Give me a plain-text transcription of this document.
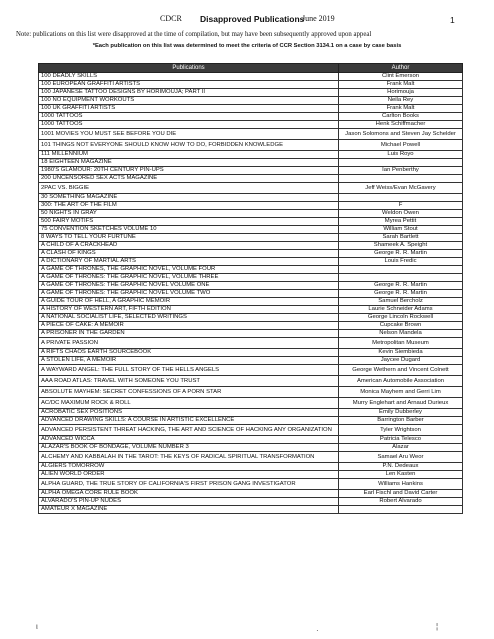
CDCR Disapproved Publications
June 2019	1
Note: publications on this list were disapproved at the time of compilation, but may have been subsequently approved upon appeal
*Each publication on this list was determined to meet the criteria of CCR Section 3134.1 on a case by case basis
Publications	Author
100 DEADLY SKILLS	Clint Emerson
100 EUROPEAN GRAFFITI ARTISTS	Frank Malt
100 JAPANESE TATTOO DESIGNS BY HORIMOUJA; PART II	Horimouja
100 NO EQUIPMENT WORKOUTS	Neila Rey
100 UK GRAFFITI ARTISTS	Frank Malt
1000 TATTOOS	Carlton Books
1000 TATTOOS	Henk Schiffmacher
1001 MOVIES YOU MUST SEE BEFORE YOU DIE	Jason Solomons and Steven Jay Schelder
101 THINGS NOT EVERYONE SHOULD KNOW HOW TO DO, FORBIDDEN KNOWLEDGE	Michael Powell
111 MILLENNIUM	Luis Royo
18 EIGHTEEN MAGAZINE	
1980'S GLAMOUR: 20TH CENTURY PIN-UPS	Ian Penberthy
200 UNCENSORED SEX ACTS MAGAZINE	
2PAC VS. BIGGIE	Jeff Weiss/Evan McGavery
30 SOMETHING MAGAZINE	
300: THE ART OF THE FILM	F
50 NIGHTS IN GRAY	Weldon Owen
500 FAIRY MOTIFS	Myrea Pettit
75 CONVENTION SKETCHES VOLUME 10	William Stout
8 WAYS TO TELL YOUR FURTUNE	Sarah Bartlett
A CHILD OF A CRACKHEAD	Shameek A. Speight
A CLASH OF KINGS	George R. R. Martin
A DICTIONARY OF MARTIAL ARTS	Louis Fredic
A GAME OF THRONES, THE GRAPHIC NOVEL, VOLUME FOUR	
A GAME OF THRONES: THE GRAPHIC NOVEL, VOLUME THREE	
A GAME OF THRONES: THE GRAPHIC NOVEL VOLUME ONE	George R. R. Martin
A GAME OF THRONES: THE GRAPHIC NOVEL VOLUME TWO	George R. R. Martin
A GUIDE TOUR OF HELL, A GRAPHIC MEMOIR	Samuel Bercholz
A HISTORY OF WESTERN ART, FIFTH EDITION	Laurie Schneider Adams
A NATIONAL SOCIALIST LIFE, SELECTED WRITINGS	George Lincoln Rockwell
A PIECE OF CAKE: A MEMOIR	Cupcake Brown
A PRISONER IN THE GARDEN	Nelson Mandela
A PRIVATE PASSION	Metropolitan Museum
A RIFTS CHAOS EARTH SOURCEBOOK	Kevin Siembieda
A STOLEN LIFE, A MEMOIR	Jaycee Dugard
A WAYWARD ANGEL: THE FULL STORY OF THE HELLS ANGELS	George Wethern and Vincent Colnett
AAA ROAD ATLAS: TRAVEL WITH SOMEONE YOU TRUST	American Automobile Association
ABSOLUTE MAYHEM: SECRET CONFESSIONS OF A PORN STAR	Monica Mayhem and Gerri Lim
AC/DC MAXIMUM ROCK & ROLL	Murry Englehart and Arnaud Durieux
ACROBATIC SEX POSITIONS	Emily Dubberley
ADVANCED DRAWING SKILLS: A COURSE IN ARTISTIC EXCELLENCE	Barrington Barber
ADVANCED PERSISTENT THREAT HACKING, THE ART AND SCIENCE OF HACKING ANY ORGANIZATION	Tyler Wrightson
ADVANCED WICCA	Patricia Telesco
ALAZAR'S BOOK OF BONDAGE, VOLUME NUMBER 3	Alazar
ALCHEMY AND KABBALAH IN THE TAROT: THE KEYS OF RADICAL SPIRITUAL TRANSFORMATION	Samael Aru Weor
ALGIERS TOMORROW	P.N. Dedeaux
ALIEN WORLD ORDER	Len Kasten
ALPHA GUARD, THE TRUE STORY OF CALIFORNIA'S FIRST PRISON GANG INVESTIGATOR	Williams Hankins
ALPHA OMEGA CORE RULE BOOK	Earl Fischl and David Carter
ALVARADO'S PIN-UP NUDES	Robert Alvarado
AMATEUR X MAGAZINE	
ι	·	¦
